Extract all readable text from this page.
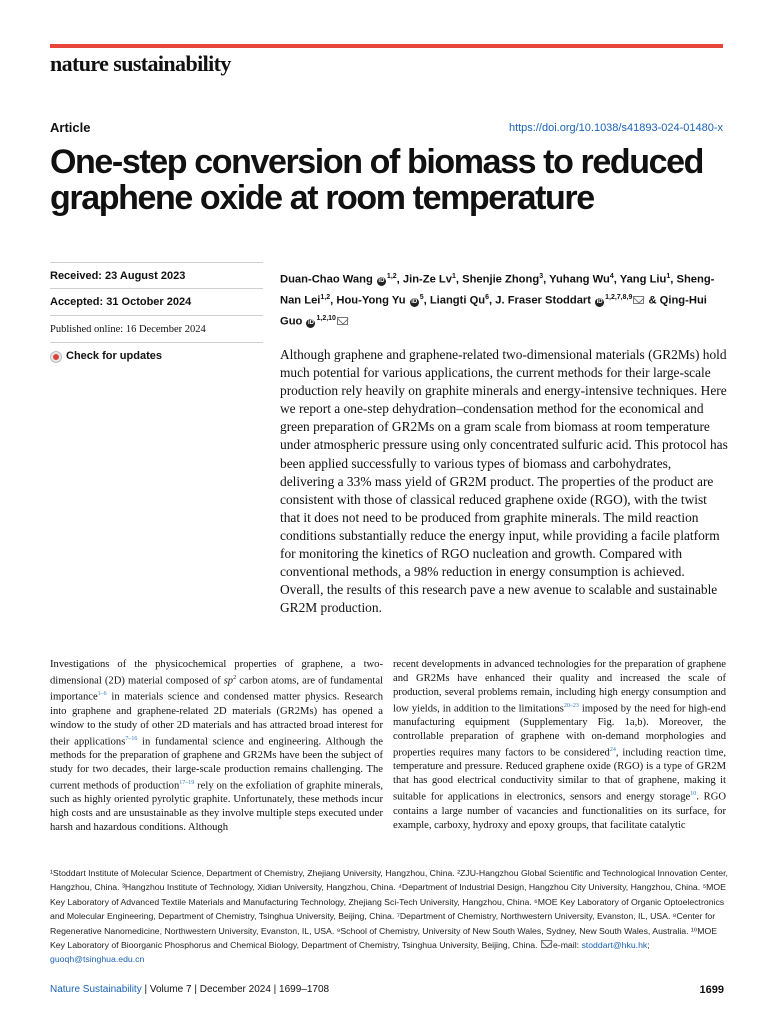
nature sustainability
Article	https://doi.org/10.1038/s41893-024-01480-x
One-step conversion of biomass to reduced graphene oxide at room temperature
Received: 23 August 2023
Accepted: 31 October 2024
Published online: 16 December 2024
Check for updates
Duan-Chao Wang iD$^{1,2}$, Jin-Ze Lv$^1$, Shenjie Zhong$^3$, Yuhang Wu$^4$, Yang Liu$^1$, Sheng-Nan Lei$^{1,2}$, Hou-Yong Yu $iD^5$, Liangti Qu$^6$, J. Fraser Stoddart iD$^{1,2,7,8,9}$ & Qing-Hui Guo iD$^{1,2,10}$

Although graphene and graphene-related two-dimensional materials (GR2Ms) hold much potential for various applications, the current methods for their large-scale production rely heavily on graphite minerals and energy-intensive techniques. Here we report a one-step dehydration–condensation method for the economical and green preparation of GR2Ms on a gram scale from biomass at room temperature under atmospheric pressure using only concentrated sulfuric acid. This protocol has been applied successfully to various types of biomass and carbohydrates, delivering a 33% mass yield of GR2M product. The properties of the product are consistent with those of classical reduced graphene oxide (RGO), with the twist that it does not need to be produced from graphite minerals. The mild reaction conditions substantially reduce the energy input, while providing a facile platform for monitoring the kinetics of RGO nucleation and growth. Compared with conventional methods, a 98% reduction in energy consumption is achieved. Overall, the results of this research pave a new avenue to scalable and sustainable GR2M production.

Investigations of the physicochemical properties of graphene, a two-dimensional (2D) material composed of $sp^2$ carbon atoms, are of fundamental importance$^{1-6}$ in materials science and condensed matter physics. Research into graphene and graphene-related 2D materials (GR2Ms) has opened a window to the study of other 2D materials and has attracted broad interest for their applications$^{7-16}$ in fundamental science and engineering. Although the methods for the preparation of graphene and GR2Ms have been the subject of study for two decades, their large-scale production remains challenging. The current methods of production$^{17-19}$ rely on the exfoliation of graphite minerals, such as highly oriented pyrolytic graphite. Unfortunately, these methods incur high costs and are unsustainable as they involve multiple steps executed under harsh and hazardous conditions. Although
recent developments in advanced technologies for the preparation of graphene and GR2Ms have enhanced their quality and increased the scale of production, several problems remain, including high energy consumption and low yields, in addition to the limitations$^{20-23}$ imposed by the need for high-end manufacturing equipment (Supplementary Fig. 1a,b). Moreover, the controllable preparation of graphene with on-demand morphologies and properties requires many factors to be considered$^{24}$, including reaction time, temperature and pressure. Reduced graphene oxide (RGO) is a type of GR2M that has good electrical conductivity similar to that of graphene, making it suitable for applications in electronics, sensors and energy storage$^{10}$. RGO contains a large number of vacancies and functionalities on its surface, for example, carboxy, hydroxy and epoxy groups, that facilitate catalytic
¹Stoddart Institute of Molecular Science, Department of Chemistry, Zhejiang University, Hangzhou, China. ²ZJU-Hangzhou Global Scientific and Technological Innovation Center, Hangzhou, China. ³Hangzhou Institute of Technology, Xidian University, Hangzhou, China. ⁴Department of Industrial Design, Hangzhou City University, Hangzhou, China. ⁵MOE Key Laboratory of Advanced Textile Materials and Manufacturing Technology, Zhejiang Sci-Tech University, Hangzhou, China. ⁶MOE Key Laboratory of Organic Optoelectronics and Molecular Engineering, Department of Chemistry, Tsinghua University, Beijing, China. ⁷Department of Chemistry, Northwestern University, Evanston, IL, USA. ⁸Center for Regenerative Nanomedicine, Northwestern University, Evanston, IL, USA. ⁹School of Chemistry, University of New South Wales, Sydney, New South Wales, Australia. ¹⁰MOE Key Laboratory of Bioorganic Phosphorus and Chemical Biology, Department of Chemistry, Tsinghua University, Beijing, China. e-mail: stoddart@hku.hk; guoqh@tsinghua.edu.cn
Nature Sustainability | Volume 7 | December 2024 | 1699–1708	1699
